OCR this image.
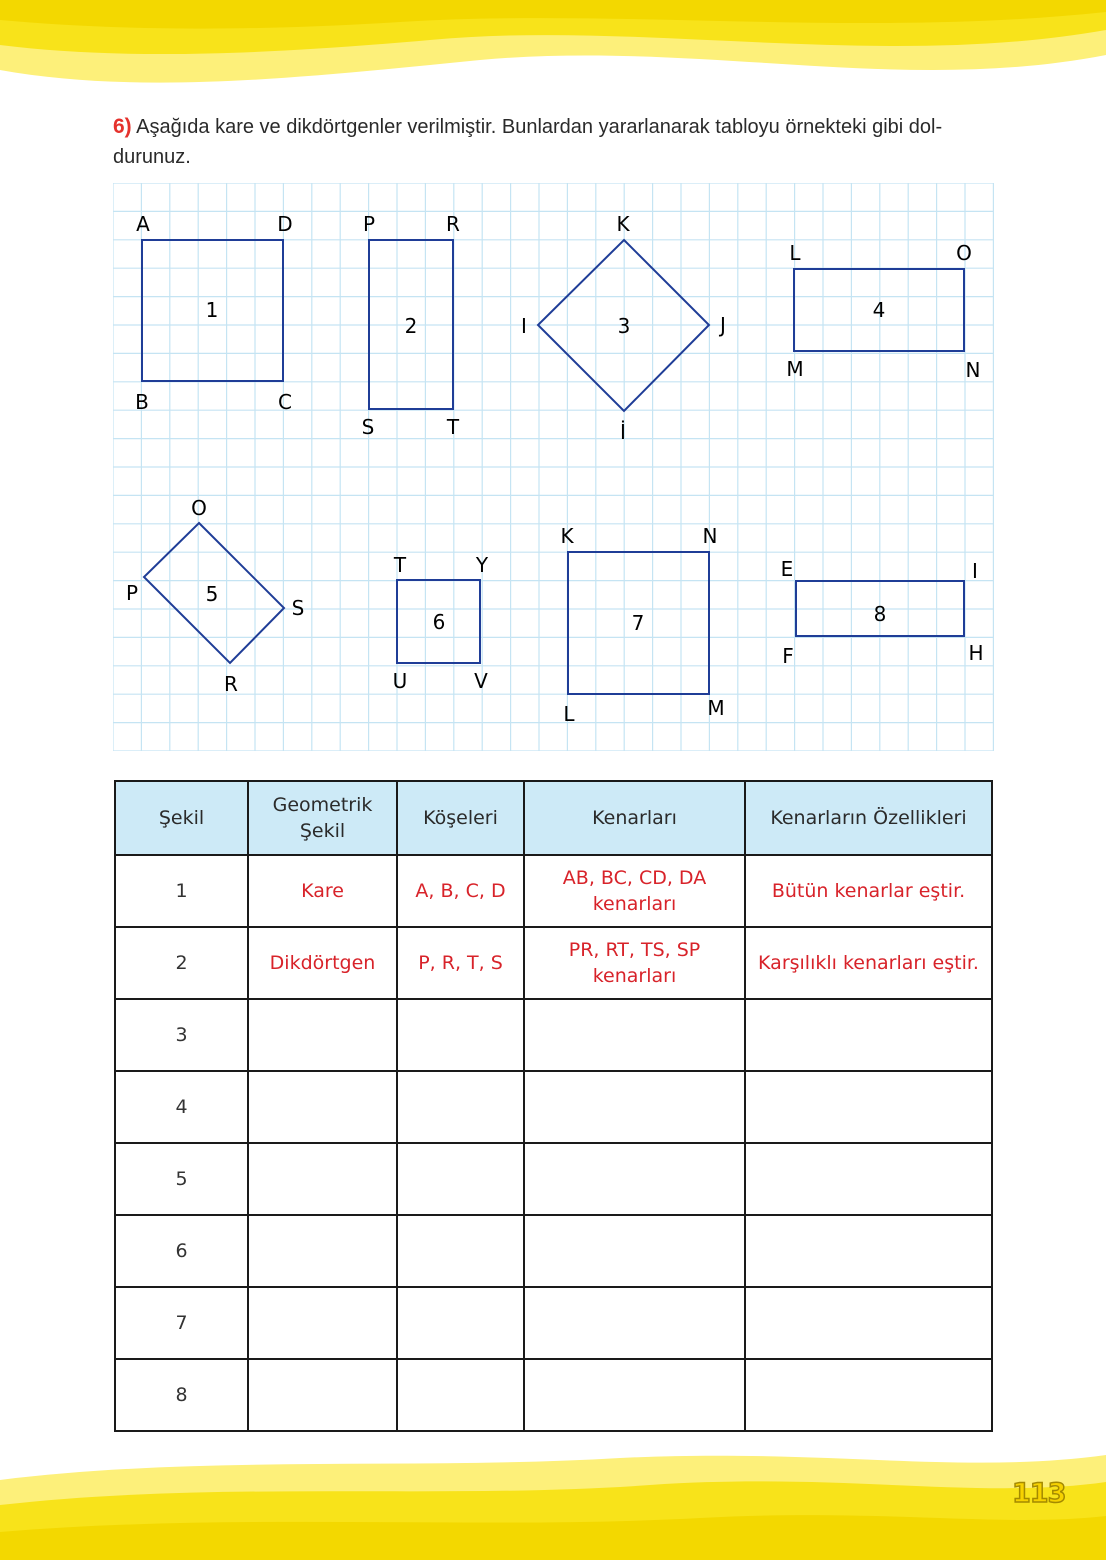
6) Aşağıda kare ve dikdörtgenler verilmiştir. Bunlardan yararlanarak tabloyu örnekteki gibi dol-
durunuz.
1
A	D
C
B
2
P	R
T
S
3
K
J
İ
I
4
L	O
N
M
5
O
S
R
P
6
T	Y
V
U
7
K	N
M
L
8
E	I
H
F
Şekil	Geometrik Şekil	Köşeleri	Kenarları	Kenarların Özellikleri
1	Kare	A, B, C, D	AB, BC, CD, DA kenarları	Bütün kenarlar eştir.
2	Dikdörtgen	P, R, T, S	PR, RT, TS, SP kenarları	Karşılıklı kenarları eştir.
3				
4				
5				
6				
7				
8				
113
